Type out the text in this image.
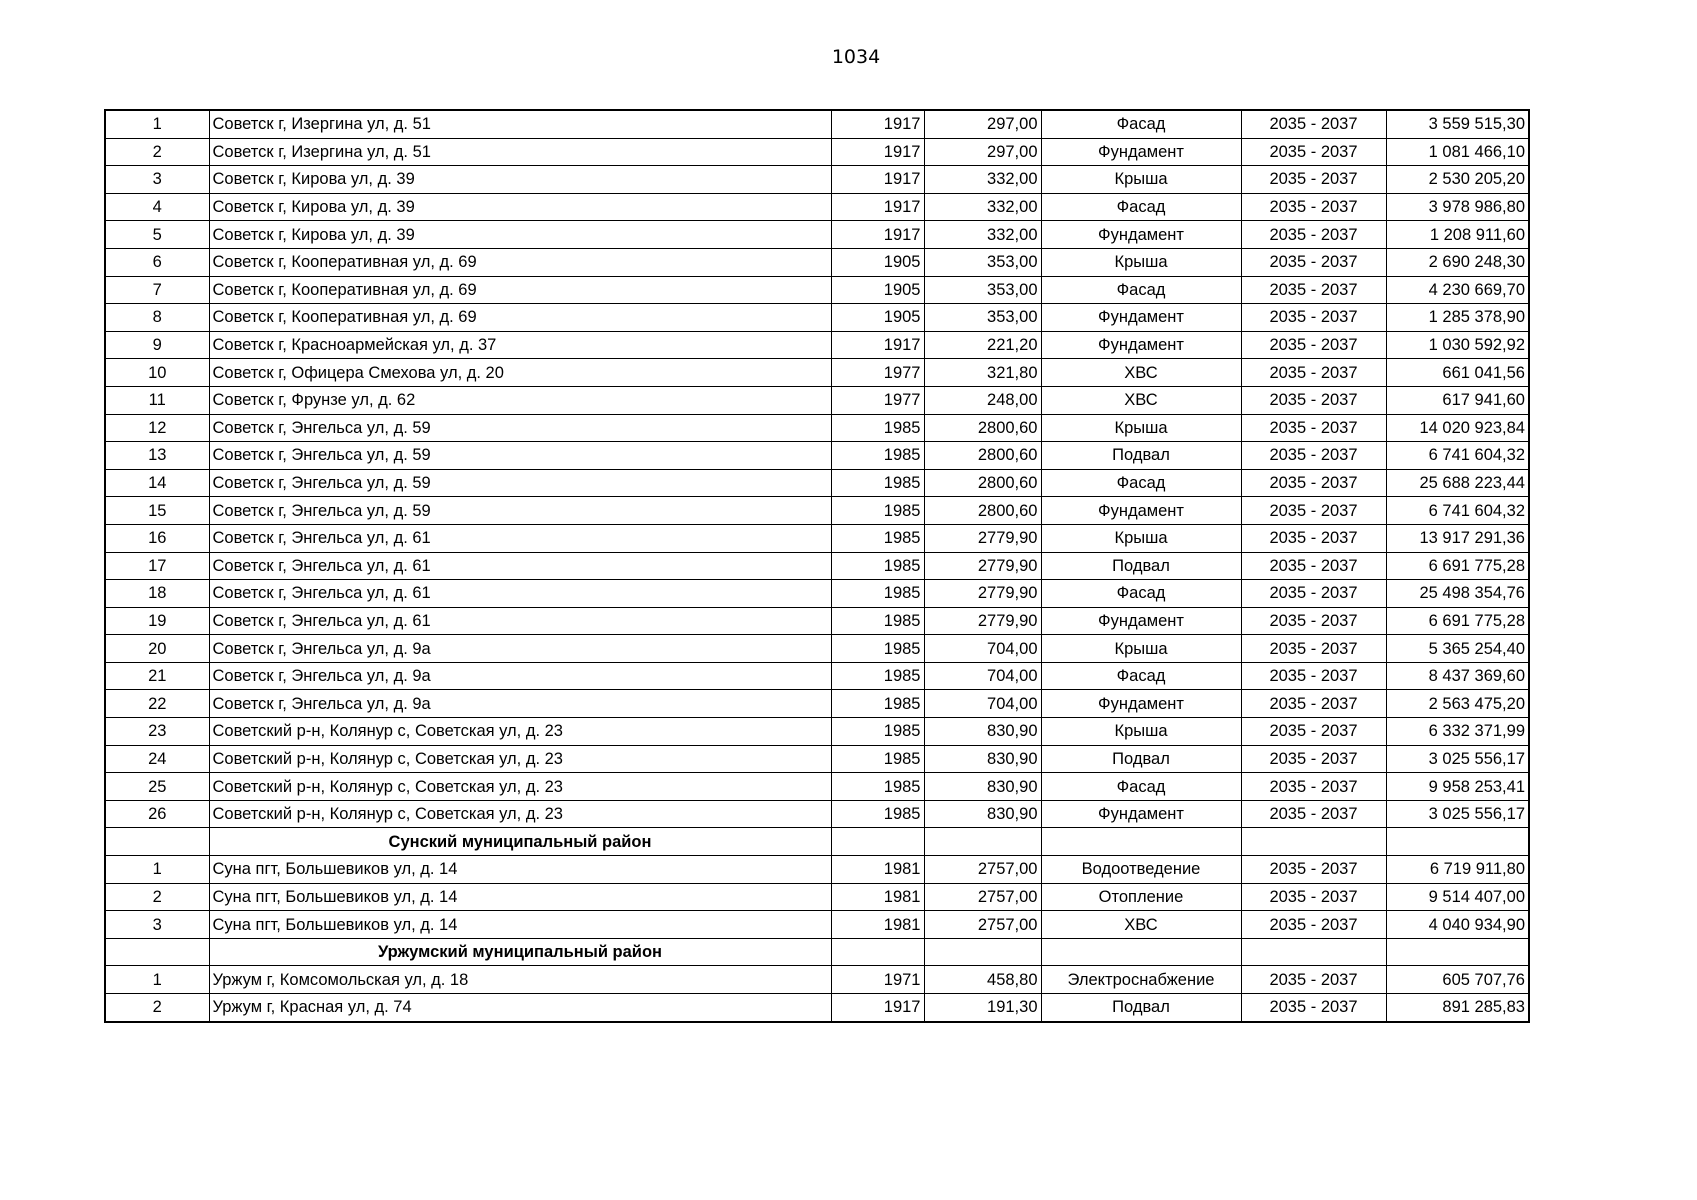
1034
1	Советск г, Изергина ул, д. 51	1917	297,00	Фасад	2035 - 2037	3 559 515,30
2	Советск г, Изергина ул, д. 51	1917	297,00	Фундамент	2035 - 2037	1 081 466,10
3	Советск г, Кирова ул, д. 39	1917	332,00	Крыша	2035 - 2037	2 530 205,20
4	Советск г, Кирова ул, д. 39	1917	332,00	Фасад	2035 - 2037	3 978 986,80
5	Советск г, Кирова ул, д. 39	1917	332,00	Фундамент	2035 - 2037	1 208 911,60
6	Советск г, Кооперативная ул, д. 69	1905	353,00	Крыша	2035 - 2037	2 690 248,30
7	Советск г, Кооперативная ул, д. 69	1905	353,00	Фасад	2035 - 2037	4 230 669,70
8	Советск г, Кооперативная ул, д. 69	1905	353,00	Фундамент	2035 - 2037	1 285 378,90
9	Советск г, Красноармейская ул, д. 37	1917	221,20	Фундамент	2035 - 2037	1 030 592,92
10	Советск г, Офицера Смехова ул, д. 20	1977	321,80	ХВС	2035 - 2037	661 041,56
11	Советск г, Фрунзе ул, д. 62	1977	248,00	ХВС	2035 - 2037	617 941,60
12	Советск г, Энгельса ул, д. 59	1985	2800,60	Крыша	2035 - 2037	14 020 923,84
13	Советск г, Энгельса ул, д. 59	1985	2800,60	Подвал	2035 - 2037	6 741 604,32
14	Советск г, Энгельса ул, д. 59	1985	2800,60	Фасад	2035 - 2037	25 688 223,44
15	Советск г, Энгельса ул, д. 59	1985	2800,60	Фундамент	2035 - 2037	6 741 604,32
16	Советск г, Энгельса ул, д. 61	1985	2779,90	Крыша	2035 - 2037	13 917 291,36
17	Советск г, Энгельса ул, д. 61	1985	2779,90	Подвал	2035 - 2037	6 691 775,28
18	Советск г, Энгельса ул, д. 61	1985	2779,90	Фасад	2035 - 2037	25 498 354,76
19	Советск г, Энгельса ул, д. 61	1985	2779,90	Фундамент	2035 - 2037	6 691 775,28
20	Советск г, Энгельса ул, д. 9а	1985	704,00	Крыша	2035 - 2037	5 365 254,40
21	Советск г, Энгельса ул, д. 9а	1985	704,00	Фасад	2035 - 2037	8 437 369,60
22	Советск г, Энгельса ул, д. 9а	1985	704,00	Фундамент	2035 - 2037	2 563 475,20
23	Советский р-н, Колянур с, Советская ул, д. 23	1985	830,90	Крыша	2035 - 2037	6 332 371,99
24	Советский р-н, Колянур с, Советская ул, д. 23	1985	830,90	Подвал	2035 - 2037	3 025 556,17
25	Советский р-н, Колянур с, Советская ул, д. 23	1985	830,90	Фасад	2035 - 2037	9 958 253,41
26	Советский р-н, Колянур с, Советская ул, д. 23	1985	830,90	Фундамент	2035 - 2037	3 025 556,17
	Сунский муниципальный район					
1	Суна пгт, Большевиков ул, д. 14	1981	2757,00	Водоотведение	2035 - 2037	6 719 911,80
2	Суна пгт, Большевиков ул, д. 14	1981	2757,00	Отопление	2035 - 2037	9 514 407,00
3	Суна пгт, Большевиков ул, д. 14	1981	2757,00	ХВС	2035 - 2037	4 040 934,90
	Уржумский муниципальный район					
1	Уржум г, Комсомольская ул, д. 18	1971	458,80	Электроснабжение	2035 - 2037	605 707,76
2	Уржум г, Красная ул, д. 74	1917	191,30	Подвал	2035 - 2037	891 285,83
